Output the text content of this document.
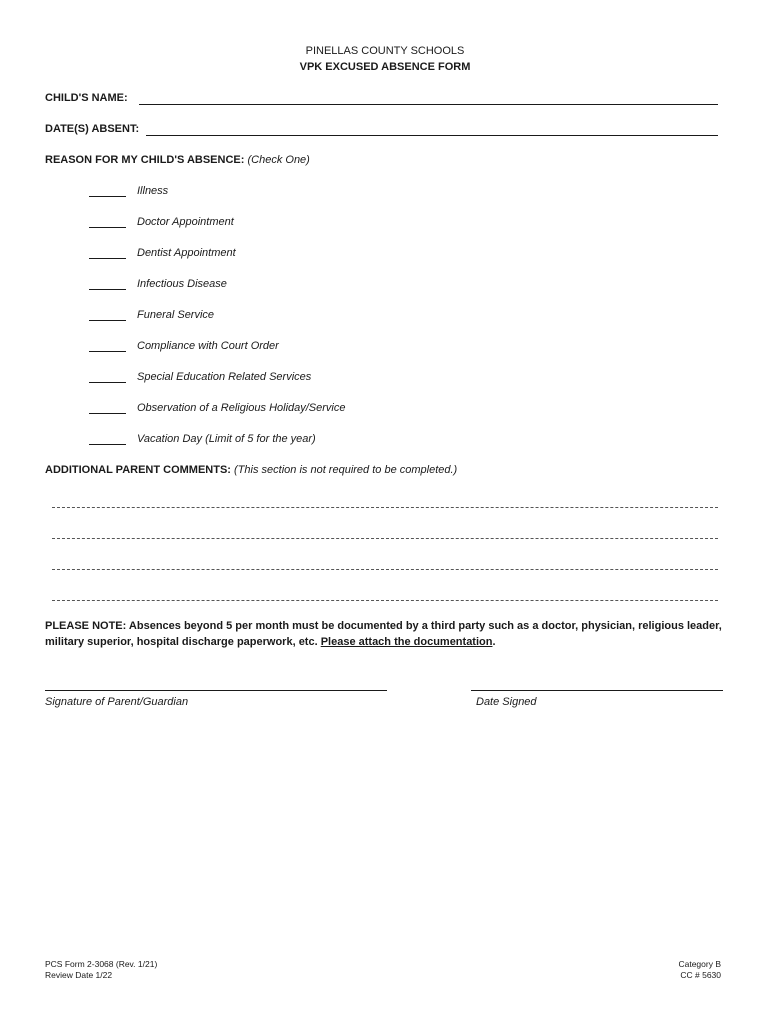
PINELLAS COUNTY SCHOOLS
VPK EXCUSED ABSENCE FORM
CHILD'S NAME:
DATE(S) ABSENT:
REASON FOR MY CHILD'S ABSENCE: (Check One)
Illness
Doctor Appointment
Dentist Appointment
Infectious Disease
Funeral Service
Compliance with Court Order
Special Education Related Services
Observation of a Religious Holiday/Service
Vacation Day (Limit of 5 for the year)
ADDITIONAL PARENT COMMENTS: (This section is not required to be completed.)
PLEASE NOTE: Absences beyond 5 per month must be documented by a third party such as a doctor, physician, religious leader, military superior, hospital discharge paperwork, etc. Please attach the documentation.
Signature of Parent/Guardian	Date Signed
PCS Form 2-3068 (Rev. 1/21)
Review Date 1/22
Category B
CC # 5630
